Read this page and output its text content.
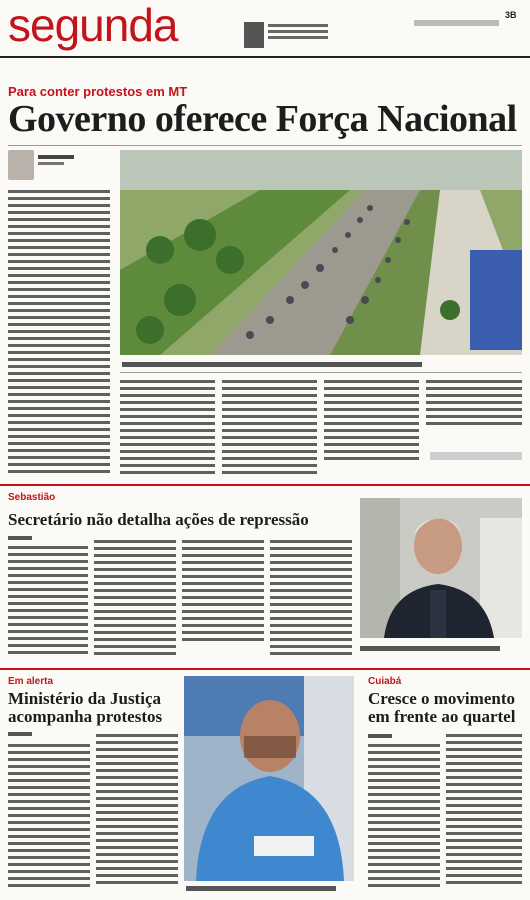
segunda	3B
Para conter protestos em MT
Governo oferece Força Nacional
Sebastião
Secretário não detalha ações de repressão
Em alerta
Ministério da Justiça
acompanha protestos
Cuiabá
Cresce o movimento
em frente ao quartel
